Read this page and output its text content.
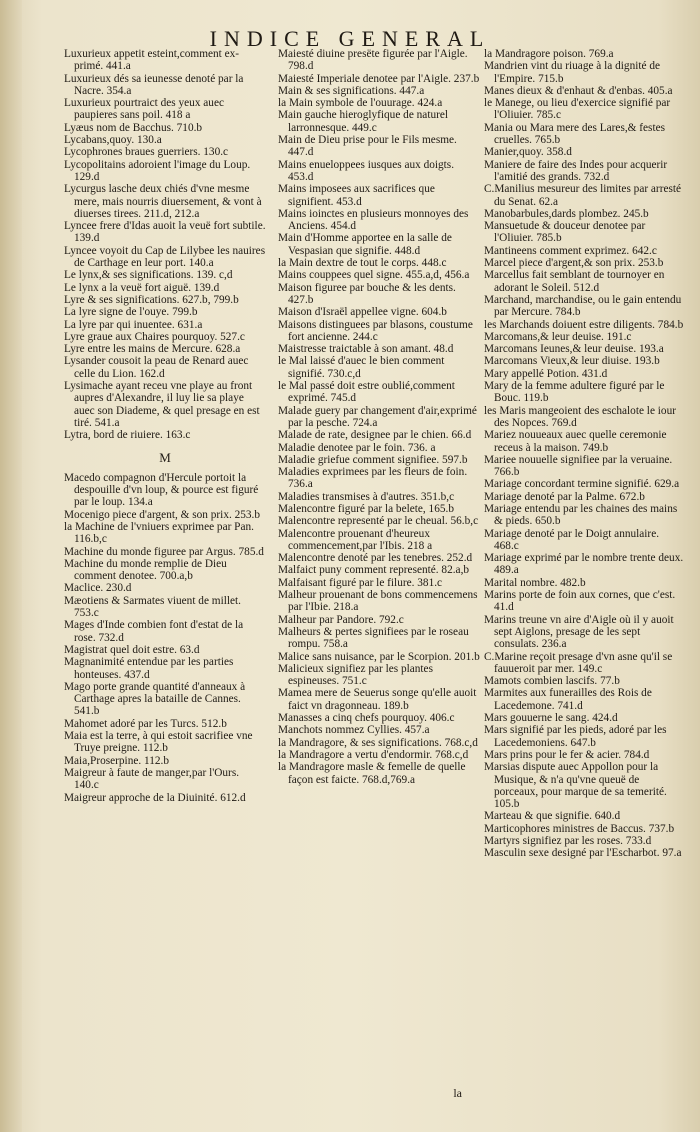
INDICE GENERAL
Luxurieux appetit esteint,comment ex-primé. 441.a
Luxurieux dés sa ieunesse denoté par la Nacre. 354.a
Luxurieux pourtraict des yeux auec paupieres sans poil. 418 a
Lyæus nom de Bacchus. 710.b
Lycabans,quoy. 130.a
Lycophrones braues guerriers. 130.c
Lycopolitains adoroient l'image du Loup. 129.d
Lycurgus lasche deux chiés d'vne mesme mere, mais nourris diuersement, & vont à diuerses tirees. 211.d, 212.a
Lyncee frere d'Idas auoit la veuë fort subtile. 139.d
Lyncee voyoit du Cap de Lilybee les nauires de Carthage en leur port. 140.a
Le lynx,& ses significations. 139. c,d
Le lynx a la veuë fort aiguë. 139.d
Lyre & ses significations. 627.b, 799.b
La lyre signe de l'ouye. 799.b
La lyre par qui inuentee. 631.a
Lyre graue aux Chaires pourquoy. 527.c
Lyre entre les mains de Mercure. 628.a
Lysander cousoit la peau de Renard auec celle du Lion. 162.d
Lysimache ayant receu vne playe au front aupres d'Alexandre, il luy lie sa playe auec son Diademe, & quel presage en est tiré. 541.a
Lytra, bord de riuiere. 163.c
M
Macedo compagnon d'Hercule portoit la despouille d'vn loup, & pource est figuré par le loup. 134.a
Mocenigo piece d'argent, & son prix. 253.b
la Machine de l'vniuers exprimee par Pan. 116.b,c
Machine du monde figuree par Argus. 785.d
Machine du monde remplie de Dieu comment denotee. 700.a,b
Maclice. 230.d
Mæotiens & Sarmates viuent de millet. 753.c
Mages d'Inde combien font d'estat de la rose. 732.d
Magistrat quel doit estre. 63.d
Magnanimité entendue par les parties honteuses. 437.d
Mago porte grande quantité d'anneaux à Carthage apres la bataille de Cannes. 541.b
Mahomet adoré par les Turcs. 512.b
Maia est la terre, à qui estoit sacrifiee vne Truye preigne. 112.b
Maia,Proserpine. 112.b
Maigreur à faute de manger,par l'Ours. 140.c
Maigreur approche de la Diuinité. 612.d
Maiesté diuine presëte figurée par l'Aigle. 798.d
Maiesté Imperiale denotee par l'Aigle. 237.b
Main & ses significations. 447.a
la Main symbole de l'ouurage. 424.a
Main gauche hieroglyfique de naturel larronnesque. 449.c
Main de Dieu prise pour le Fils mesme. 447.d
Mains enueloppees iusques aux doigts. 453.d
Mains imposees aux sacrifices que signifient. 453.d
Mains ioinctes en plusieurs monnoyes des Anciens. 454.d
Main d'Homme apportee en la salle de Vespasian que signifie. 448.d
la Main dextre de tout le corps. 448.c
Mains couppees quel signe. 455.a,d, 456.a
Maison figuree par bouche & les dents. 427.b
Maison d'Israël appellee vigne. 604.b
Maisons distinguees par blasons, coustume fort ancienne. 244.c
Maistresse traictable à son amant. 48.d
le Mal laissé d'auec le bien comment signifié. 730.c,d
le Mal passé doit estre oublié,comment exprimé. 745.d
Malade guery par changement d'air,exprimé par la pesche. 724.a
Malade de rate, designee par le chien. 66.d
Maladie denotee par le foin. 736. a
Maladie griefue comment signifiee. 597.b
Maladies exprimees par les fleurs de foin. 736.a
Maladies transmises à d'autres. 351.b,c
Malencontre figuré par la belete, 165.b
Malencontre representé par le cheual. 56.b,c
Malencontre prouenant d'heureux commencement,par l'Ibis. 218 a
Malencontre denoté par les tenebres. 252.d
Malfaict puny comment representé. 82.a,b
Malfaisant figuré par le filure. 381.c
Malheur prouenant de bons commencemens par l'Ibie. 218.a
Malheur par Pandore. 792.c
Malheurs & pertes signifiees par le roseau rompu. 758.a
Malice sans nuisance, par le Scorpion. 201.b
Malicieux signifiez par les plantes espineuses. 751.c
Mamea mere de Seuerus songe qu'elle auoit faict vn dragonneau. 189.b
Manasses a cinq chefs pourquoy. 406.c
Manchots nommez Cyllies. 457.a
la Mandragore, & ses significations. 768.c,d
la Mandragore a vertu d'endormir. 768.c,d
la Mandragore masle & femelle de quelle façon est faicte. 768.d,769.a
la Mandragore poison. 769.a
Mandrien vint du riuage à la dignité de l'Empire. 715.b
Manes dieux & d'enhaut & d'enbas. 405.a
le Manege, ou lieu d'exercice signifié par l'Oliuier. 785.c
Mania ou Mara mere des Lares,& festes cruelles. 765.b
Manier,quoy. 358.d
Maniere de faire des Indes pour acquerir l'amitié des grands. 732.d
C.Manilius mesureur des limites par arresté du Senat. 62.a
Manobarbules,dards plombez. 245.b
Mansuetude & douceur denotee par l'Oliuier. 785.b
Mantineens comment exprimez. 642.c
Marcel piece d'argent,& son prix. 253.b
Marcellus fait semblant de tournoyer en adorant le Soleil. 512.d
Marchand, marchandise, ou le gain entendu par Mercure. 784.b
les Marchands doiuent estre diligents. 784.b
Marcomans,& leur deuise. 191.c
Marcomans Ieunes,& leur deuise. 193.a
Marcomans Vieux,& leur diuise. 193.b
Mary appellé Potion. 431.d
Mary de la femme adultere figuré par le Bouc. 119.b
les Maris mangeoient des eschalote le iour des Nopces. 769.d
Mariez nouueaux auec quelle ceremonie receus à la maison. 749.b
Mariee nouuelle signifiee par la veruaine. 766.b
Mariage concordant termine signifié. 629.a
Mariage denoté par la Palme. 672.b
Mariage entendu par les chaines des mains & pieds. 650.b
Mariage denoté par le Doigt annulaire. 468.c
Mariage exprimé par le nombre trente deux. 489.a
Marital nombre. 482.b
Marins porte de foin aux cornes, que c'est. 41.d
Marins treune vn aire d'Aigle où il y auoit sept Aiglons, presage de les sept consulats. 236.a
C.Marine reçoit presage d'vn asne qu'il se fauueroit par mer. 149.c
Mamots combien lascifs. 77.b
Marmites aux funerailles des Rois de Lacedemone. 741.d
Mars gouuerne le sang. 424.d
Mars signifié par les pieds, adoré par les Lacedemoniens. 647.b
Mars prins pour le fer & acier. 784.d
Marsias dispute auec Appollon pour la Musique, & n'a qu'vne queuë de porceaux, pour marque de sa temerité. 105.b
Marteau & que signifie. 640.d
Marticophores ministres de Baccus. 737.b
Martyrs signifiez par les roses. 733.d
Masculin sexe designé par l'Escharbot. 97.a
la
